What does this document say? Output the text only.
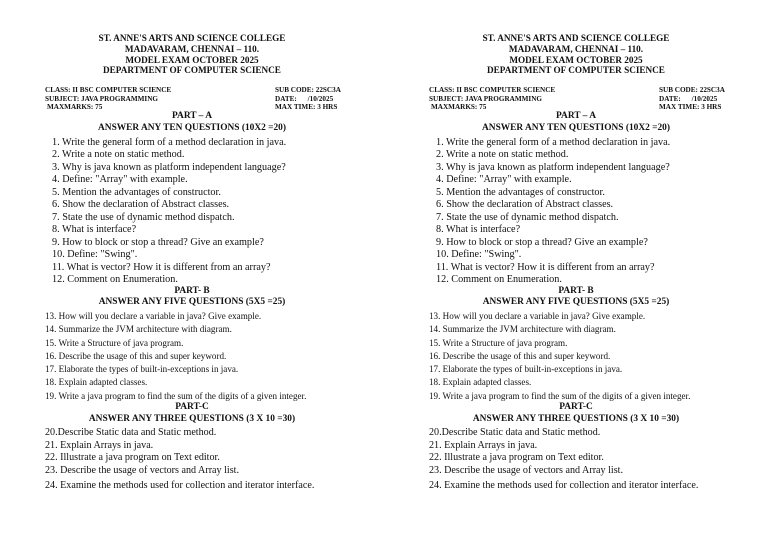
ST. ANNE'S ARTS AND SCIENCE COLLEGE
MADAVARAM, CHENNAI – 110.
MODEL EXAM OCTOBER 2025
DEPARTMENT OF COMPUTER SCIENCE
CLASS: II BSC COMPUTER SCIENCE	SUB CODE: 22SC3A
SUBJECT: JAVA PROGRAMMING	DATE:      /10/2025
MAXMARKS: 75	MAX TIME: 3 HRS
PART – A
ANSWER ANY TEN QUESTIONS (10X2 =20)
1. Write the general form of a method declaration in java.
2. Write a note on static method.
3. Why is java known as platform independent language?
4. Define: "Array" with example.
5. Mention the advantages of constructor.
6. Show the declaration of Abstract classes.
7. State the use of dynamic method dispatch.
8. What is interface?
9. How to block or stop a thread? Give an example?
10. Define: "Swing".
11. What is vector? How it is different from an array?
12. Comment on Enumeration.
PART- B
ANSWER ANY FIVE QUESTIONS (5X5 =25)
13. How will you declare a variable in java? Give example.
14. Summarize the JVM architecture with diagram.
15. Write a Structure of java program.
16. Describe the usage of this and super keyword.
17. Elaborate the types of built-in-exceptions in java.
18. Explain adapted classes.
19. Write a java program to find the sum of the digits of a given integer.
PART-C
ANSWER ANY THREE QUESTIONS (3 X 10 =30)
20.Describe Static data and Static method.
21. Explain Arrays in java.
22. Illustrate a java program on Text editor.
23. Describe the usage of vectors and Array list.
24. Examine the methods used for collection and iterator interface.
ST. ANNE'S ARTS AND SCIENCE COLLEGE
MADAVARAM, CHENNAI – 110.
MODEL EXAM OCTOBER 2025
DEPARTMENT OF COMPUTER SCIENCE
CLASS: II BSC COMPUTER SCIENCE	SUB CODE: 22SC3A
SUBJECT: JAVA PROGRAMMING	DATE:      /10/2025
MAXMARKS: 75	MAX TIME: 3 HRS
PART – A
ANSWER ANY TEN QUESTIONS (10X2 =20)
1. Write the general form of a method declaration in java.
2. Write a note on static method.
3. Why is java known as platform independent language?
4. Define: "Array" with example.
5. Mention the advantages of constructor.
6. Show the declaration of Abstract classes.
7. State the use of dynamic method dispatch.
8. What is interface?
9. How to block or stop a thread? Give an example?
10. Define: "Swing".
11. What is vector? How it is different from an array?
12. Comment on Enumeration.
PART- B
ANSWER ANY FIVE QUESTIONS (5X5 =25)
13. How will you declare a variable in java? Give example.
14. Summarize the JVM architecture with diagram.
15. Write a Structure of java program.
16. Describe the usage of this and super keyword.
17. Elaborate the types of built-in-exceptions in java.
18. Explain adapted classes.
19. Write a java program to find the sum of the digits of a given integer.
PART-C
ANSWER ANY THREE QUESTIONS (3 X 10 =30)
20.Describe Static data and Static method.
21. Explain Arrays in java.
22. Illustrate a java program on Text editor.
23. Describe the usage of vectors and Array list.
24. Examine the methods used for collection and iterator interface.
